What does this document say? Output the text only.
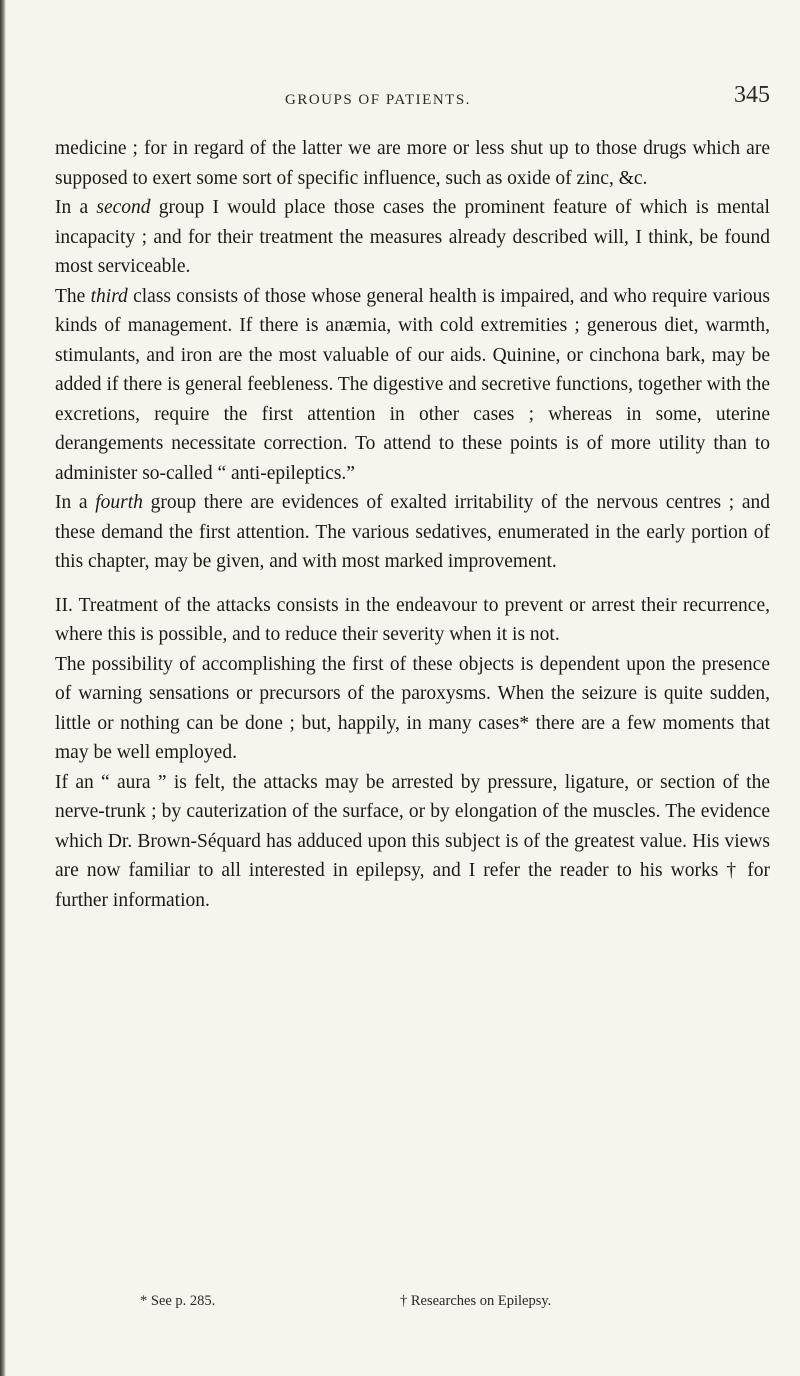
GROUPS OF PATIENTS.	345

medicine ; for in regard of the latter we are more or less shut up to those drugs which are supposed to exert some sort of specific influence, such as oxide of zinc, &c.

In a second group I would place those cases the prominent feature of which is mental incapacity ; and for their treatment the measures already described will, I think, be found most serviceable.

The third class consists of those whose general health is impaired, and who require various kinds of management. If there is anæmia, with cold extremities ; generous diet, warmth, stimulants, and iron are the most valuable of our aids. Quinine, or cinchona bark, may be added if there is general feebleness. The digestive and secretive functions, together with the excretions, require the first attention in other cases ; whereas in some, uterine derangements necessitate correction. To attend to these points is of more utility than to administer so-called “ anti-epileptics.”

In a fourth group there are evidences of exalted irritability of the nervous centres ; and these demand the first attention. The various sedatives, enumerated in the early portion of this chapter, may be given, and with most marked improvement.

II. Treatment of the attacks consists in the endeavour to prevent or arrest their recurrence, where this is possible, and to reduce their severity when it is not.

The possibility of accomplishing the first of these objects is dependent upon the presence of warning sensations or precursors of the paroxysms. When the seizure is quite sudden, little or nothing can be done ; but, happily, in many cases* there are a few moments that may be well employed.

If an “ aura ” is felt, the attacks may be arrested by pressure, ligature, or section of the nerve-trunk ; by cauterization of the surface, or by elongation of the muscles. The evidence which Dr. Brown-Séquard has adduced upon this subject is of the greatest value. His views are now familiar to all interested in epilepsy, and I refer the reader to his works † for further information.

* See p. 285.	† Researches on Epilepsy.
